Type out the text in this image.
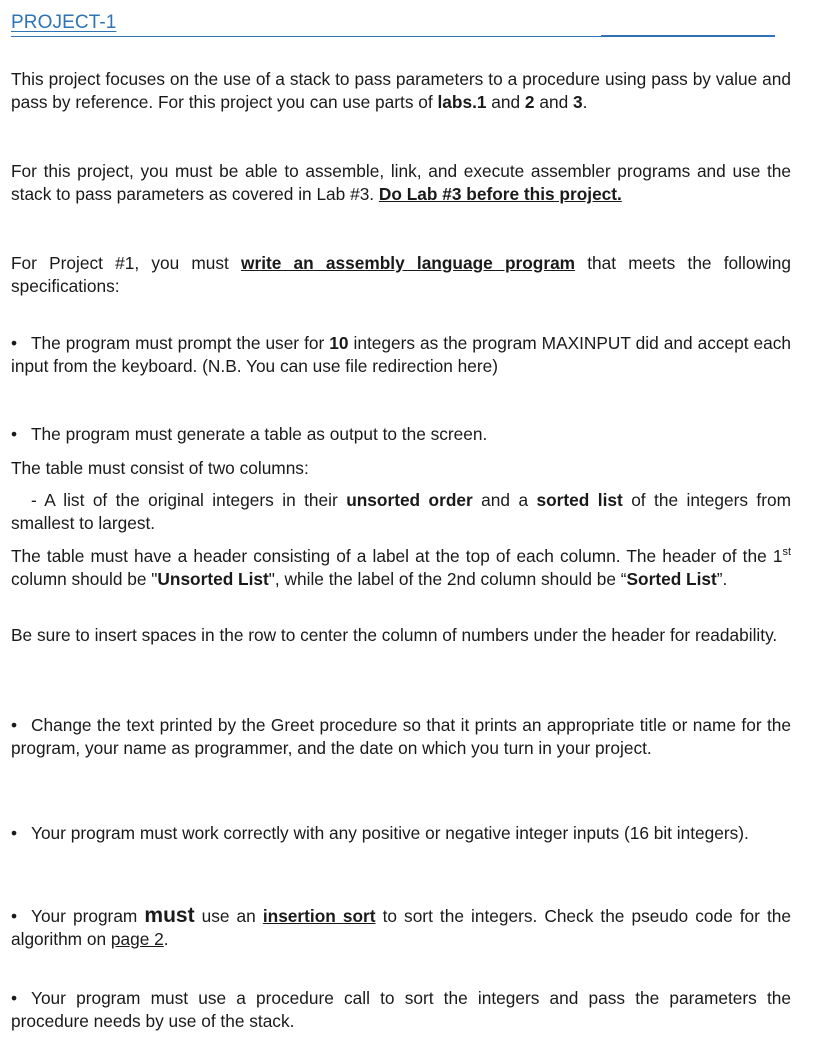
PROJECT-1

This project focuses on the use of a stack to pass parameters to a procedure using pass by value and pass by reference. For this project you can use parts of labs.1 and 2 and 3.

For this project, you must be able to assemble, link, and execute assembler programs and use the stack to pass parameters as covered in Lab #3. Do Lab #3 before this project.

For Project #1, you must write an assembly language program that meets the following specifications:

• The program must prompt the user for 10 integers as the program MAXINPUT did and accept each input from the keyboard. (N.B. You can use file redirection here)

• The program must generate a table as output to the screen.

The table must consist of two columns:

- A list of the original integers in their unsorted order and a sorted list of the integers from smallest to largest.

The table must have a header consisting of a label at the top of each column. The header of the 1st column should be "Unsorted List", while the label of the 2nd column should be “Sorted List”.

Be sure to insert spaces in the row to center the column of numbers under the header for readability.

• Change the text printed by the Greet procedure so that it prints an appropriate title or name for the program, your name as programmer, and the date on which you turn in your project.

• Your program must work correctly with any positive or negative integer inputs (16 bit integers).

• Your program must use an insertion sort to sort the integers. Check the pseudo code for the algorithm on page 2.

• Your program must use a procedure call to sort the integers and pass the parameters the procedure needs by use of the stack.
